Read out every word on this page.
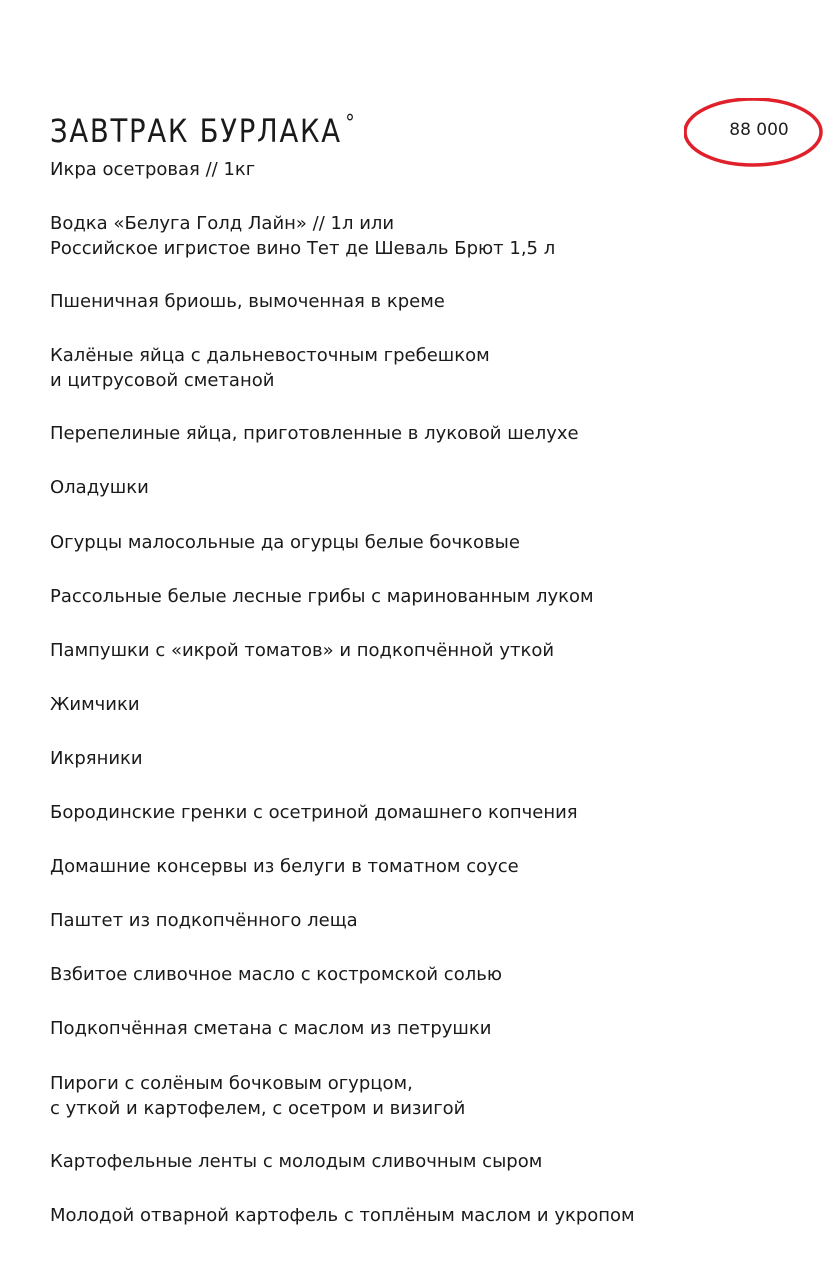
ЗАВТРАК БУРЛАКА °	88 000
Икра осетровая // 1кг
Водка «Белуга Голд Лайн» // 1л или
Российское игристое вино Тет де Шеваль Брют 1,5 л
Пшеничная бриошь, вымоченная в креме
Калёные яйца с дальневосточным гребешком
и цитрусовой сметаной
Перепелиные яйца, приготовленные в луковой шелухе
Оладушки
Огурцы малосольные да огурцы белые бочковые
Рассольные белые лесные грибы с маринованным луком
Пампушки с «икрой томатов» и подкопчённой уткой
Жимчики
Икряники
Бородинские гренки с осетриной домашнего копчения
Домашние консервы из белуги в томатном соусе
Паштет из подкопчённого леща
Взбитое сливочное масло с костромской солью
Подкопчённая сметана с маслом из петрушки
Пироги с солёным бочковым огурцом,
с уткой и картофелем, с осетром и визигой
Картофельные ленты с молодым сливочным сыром
Молодой отварной картофель с топлёным маслом и укропом
